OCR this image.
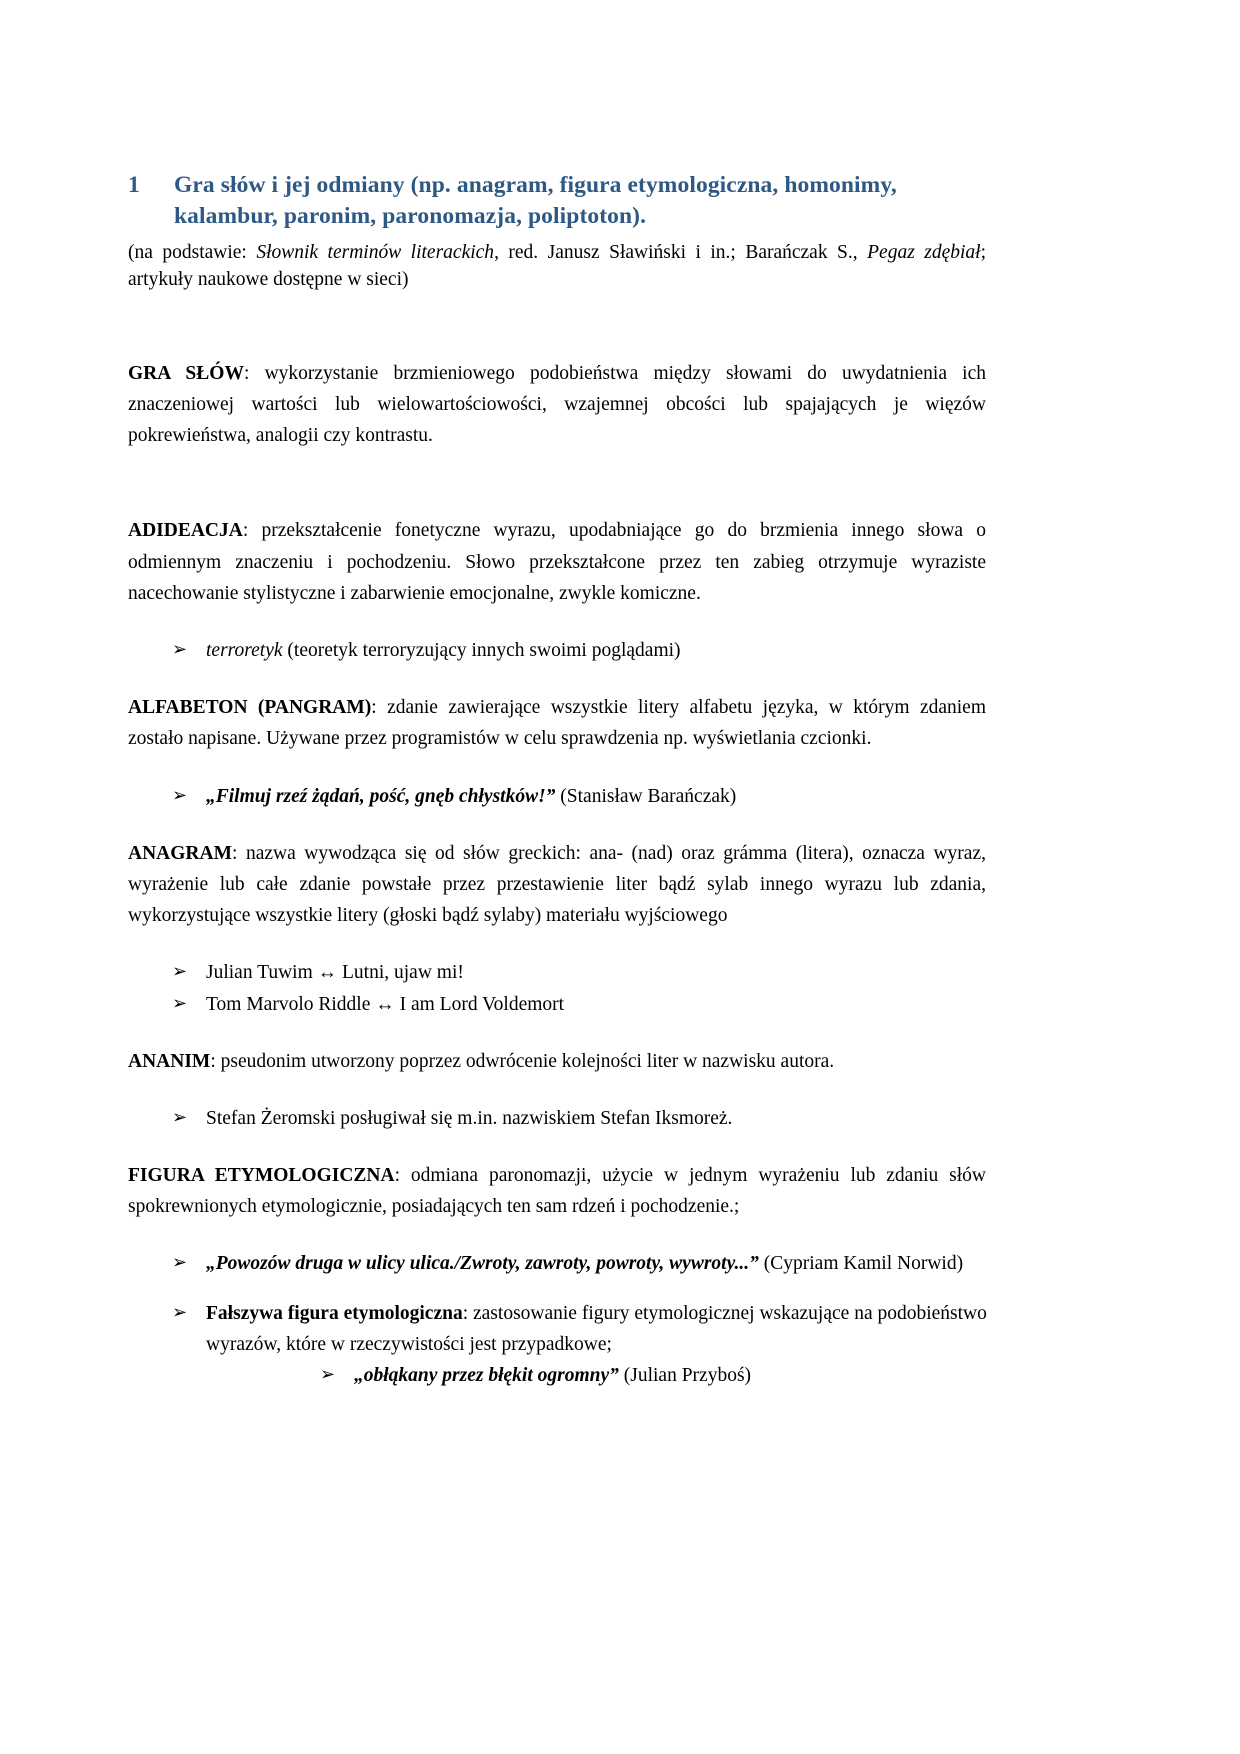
1	Gra słów i jej odmiany (np. anagram, figura etymologiczna, homonimy, kalambur, paronim, paronomazja, poliptoton).
(na podstawie: Słownik terminów literackich, red. Janusz Sławiński i in.; Barańczak S., Pegaz zdębiał; artykuły naukowe dostępne w sieci)

GRA SŁÓW: wykorzystanie brzmieniowego podobieństwa między słowami do uwydatnienia ich znaczeniowej wartości lub wielowartościowości, wzajemnej obcości lub spajających je więzów pokrewieństwa, analogii czy kontrastu.

ADIDEACJA: przekształcenie fonetyczne wyrazu, upodabniające go do brzmienia innego słowa o odmiennym znaczeniu i pochodzeniu. Słowo przekształcone przez ten zabieg otrzymuje wyraziste nacechowanie stylistyczne i zabarwienie emocjonalne, zwykle komiczne.

➢ terroretyk (teoretyk terroryzujący innych swoimi poglądami)

ALFABETON (PANGRAM): zdanie zawierające wszystkie litery alfabetu języka, w którym zdaniem zostało napisane. Używane przez programistów w celu sprawdzenia np. wyświetlania czcionki.

➢ „Filmuj rzeź żądań, pość, gnęb chłystków!” (Stanisław Barańczak)

ANAGRAM: nazwa wywodząca się od słów greckich: ana- (nad) oraz grámma (litera), oznacza wyraz, wyrażenie lub całe zdanie powstałe przez przestawienie liter bądź sylab innego wyrazu lub zdania, wykorzystujące wszystkie litery (głoski bądź sylaby) materiału wyjściowego

➢ Julian Tuwim ↔ Lutni, ujaw mi!
➢ Tom Marvolo Riddle ↔ I am Lord Voldemort

ANANIM: pseudonim utworzony poprzez odwrócenie kolejności liter w nazwisku autora.

➢ Stefan Żeromski posługiwał się m.in. nazwiskiem Stefan Iksmoreż.

FIGURA ETYMOLOGICZNA: odmiana paronomazji, użycie w jednym wyrażeniu lub zdaniu słów spokrewnionych etymologicznie, posiadających ten sam rdzeń i pochodzenie.;

➢ „Powozów druga w ulicy ulica./Zwroty, zawroty, powroty, wywroty...” (Cypriam Kamil Norwid)
➢ Fałszywa figura etymologiczna: zastosowanie figury etymologicznej wskazujące na podobieństwo wyrazów, które w rzeczywistości jest przypadkowe;
➢ „obłąkany przez błękit ogromny” (Julian Przyboś)
